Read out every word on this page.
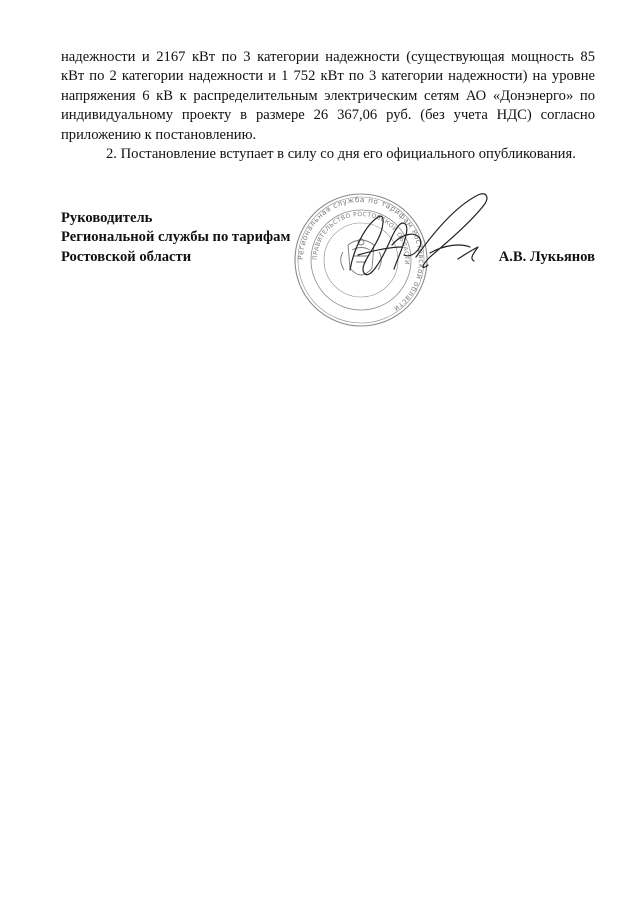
надежности и 2167 кВт по 3 категории надежности (существующая мощность 85
кВт по 2 категории надежности и 1 752 кВт по 3 категории надежности) на уровне
напряжения 6 кВ к распределительным электрическим сетям АО «Донэнерго» по
индивидуальному проекту в размере 26 367,06 руб. (без учета НДС) согласно
приложению к постановлению.

2. Постановление вступает в силу со дня его официального опубликования.

Региональная служба по тарифам Ростовской области
ПРАВИТЕЛЬСТВО РОСТОВСКОЙ ОБЛАСТИ
Руководитель
Региональной службы по тарифам
Ростовской области	А.В. Лукьянов
